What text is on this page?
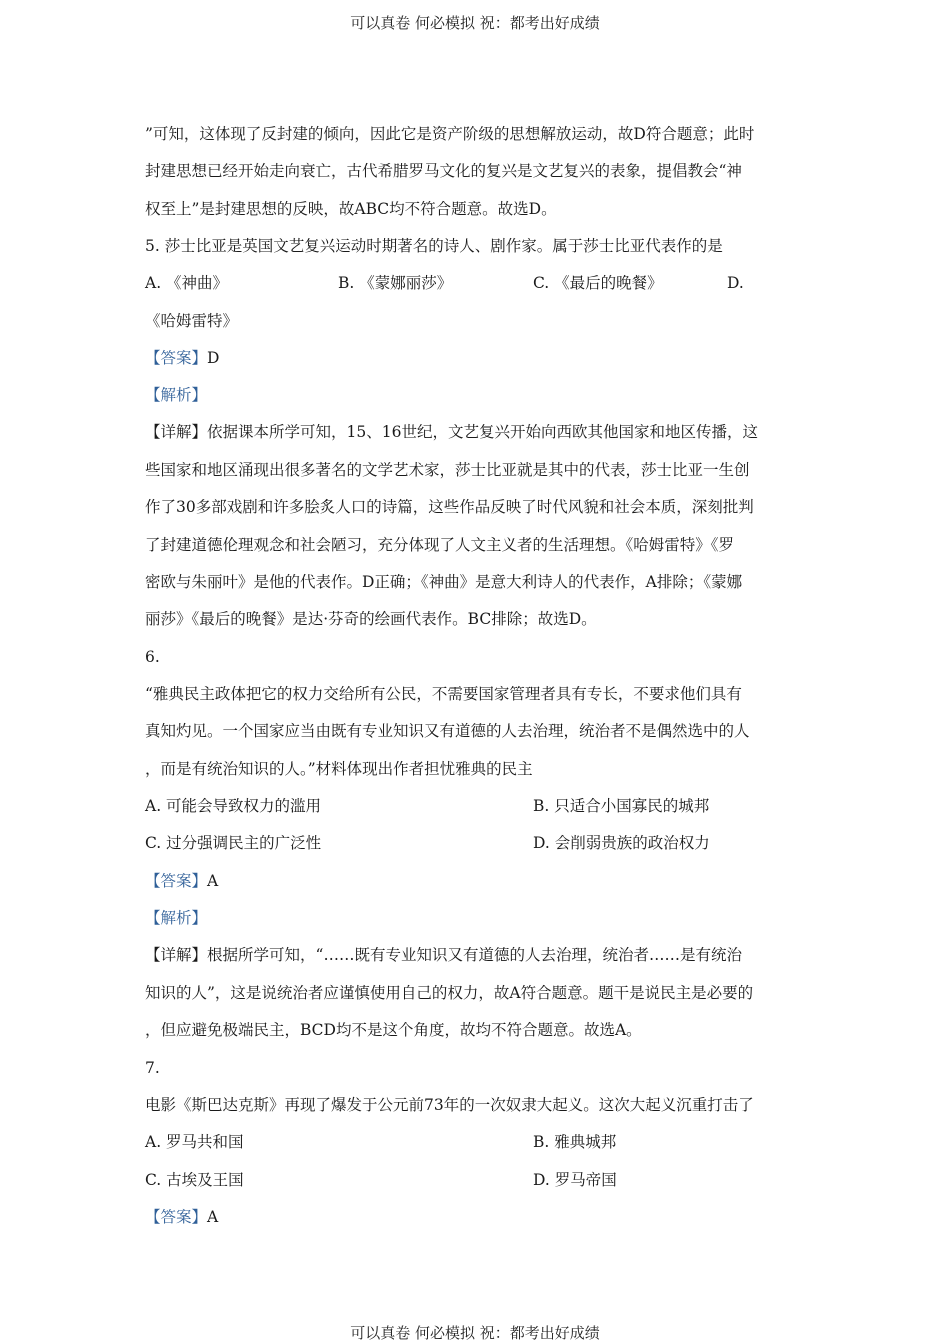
可以真卷 何必模拟 祝：都考出好成绩
”可知，这体现了反封建的倾向，因此它是资产阶级的思想解放运动，故D符合题意；此时
封建思想已经开始走向衰亡，古代希腊罗马文化的复兴是文艺复兴的表象，提倡教会“神
权至上”是封建思想的反映，故ABC均不符合题意。故选D。
5. 莎士比亚是英国文艺复兴运动时期著名的诗人、剧作家。属于莎士比亚代表作的是
A. 《神曲》	B. 《蒙娜丽莎》	C. 《最后的晚餐》	D.
《哈姆雷特》
【答案】D
【解析】
【详解】依据课本所学可知，15、16世纪，文艺复兴开始向西欧其他国家和地区传播，这
些国家和地区涌现出很多著名的文学艺术家，莎士比亚就是其中的代表，莎士比亚一生创
作了30多部戏剧和许多脍炙人口的诗篇，这些作品反映了时代风貌和社会本质，深刻批判
了封建道德伦理观念和社会陋习，充分体现了人文主义者的生活理想。《哈姆雷特》《罗
密欧与朱丽叶》是他的代表作。D正确；《神曲》是意大利诗人的代表作，A排除；《蒙娜
丽莎》《最后的晚餐》是达·芬奇的绘画代表作。BC排除；故选D。
6.
“雅典民主政体把它的权力交给所有公民，不需要国家管理者具有专长，不要求他们具有
真知灼见。一个国家应当由既有专业知识又有道德的人去治理，统治者不是偶然选中的人
，而是有统治知识的人。”材料体现出作者担忧雅典的民主
A. 可能会导致权力的滥用	B. 只适合小国寡民的城邦
C. 过分强调民主的广泛性	D. 会削弱贵族的政治权力
【答案】A
【解析】
【详解】根据所学可知，“……既有专业知识又有道德的人去治理，统治者……是有统治
知识的人”，这是说统治者应谨慎使用自己的权力，故A符合题意。题干是说民主是必要的
，但应避免极端民主，BCD均不是这个角度，故均不符合题意。故选A。
7.
电影《斯巴达克斯》再现了爆发于公元前73年的一次奴隶大起义。这次大起义沉重打击了
A. 罗马共和国	B. 雅典城邦
C. 古埃及王国	D. 罗马帝国
【答案】A
可以真卷 何必模拟 祝：都考出好成绩
